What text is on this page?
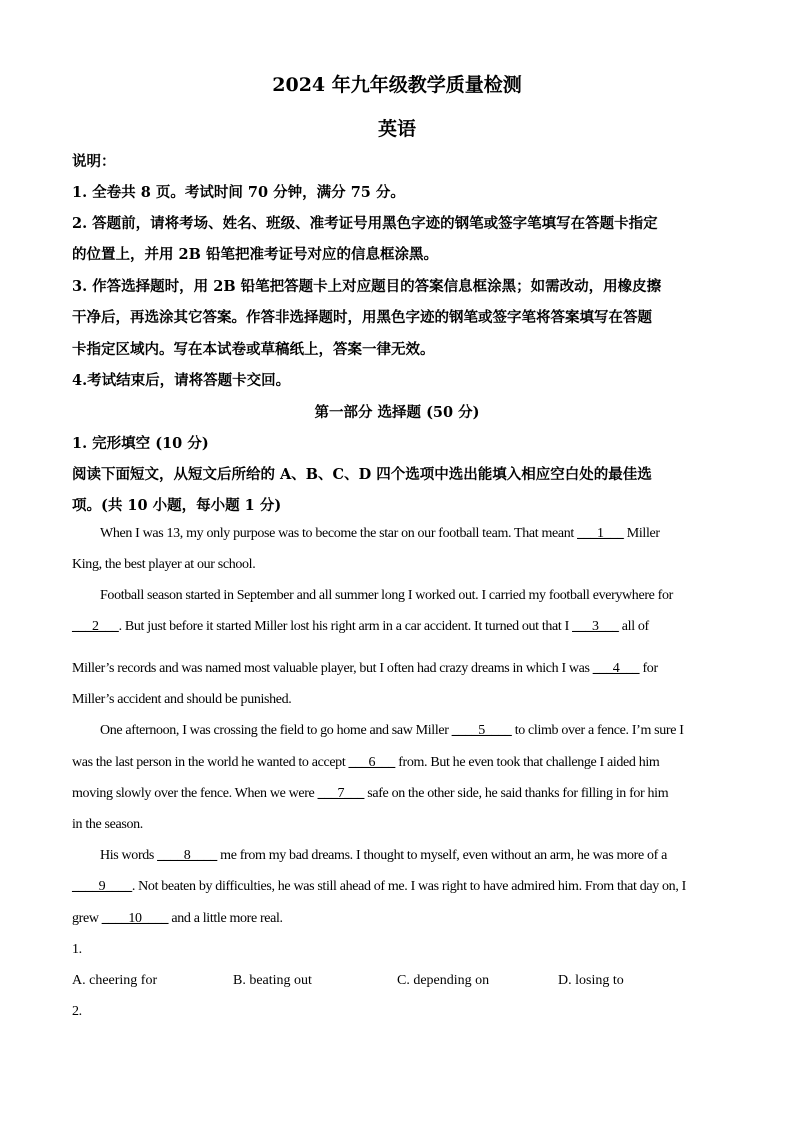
2024 年九年级教学质量检测
英语
说明：
1. 全卷共 8 页。考试时间 70 分钟，满分 75 分。
2. 答题前，请将考场、姓名、班级、准考证号用黑色字迹的钢笔或签字笔填写在答题卡指定
的位置上，并用 2B 铅笔把准考证号对应的信息框涂黑。
3. 作答选择题时，用 2B 铅笔把答题卡上对应题目的答案信息框涂黑；如需改动，用橡皮擦
干净后，再选涂其它答案。作答非选择题时，用黑色字迹的钢笔或签字笔将答案填写在答题
卡指定区域内。写在本试卷或草稿纸上，答案一律无效。
4.考试结束后，请将答题卡交回。
第一部分 选择题 (50 分)
1. 完形填空 (10 分)
阅读下面短文，从短文后所给的 A、B、C、D 四个选项中选出能填入相应空白处的最佳选
项。(共 10 小题，每小题 1 分)
When I was 13, my only purpose was to become the star on our football team. That meant ___1___ Miller
King, the best player at our school.
Football season started in September and all summer long I worked out. I carried my football everywhere for
___2___. But just before it started Miller lost his right arm in a car accident. It turned out that I ___3___ all of
Miller’s records and was named most valuable player, but I often had crazy dreams in which I was ___4___ for
Miller’s accident and should be punished.
One afternoon, I was crossing the field to go home and saw Miller ____5____ to climb over a fence. I’m sure I
was the last person in the world he wanted to accept ___6___ from. But he even took that challenge I aided him
moving slowly over the fence. When we were ___7___ safe on the other side, he said thanks for filling in for him
in the season.
His words ____8____ me from my bad dreams. I thought to myself, even without an arm, he was more of a
____9____. Not beaten by difficulties, he was still ahead of me. I was right to have admired him. From that day on, I
grew ____10____ and a little more real.
1.
A. cheering for	B. beating out	C. depending on	D. losing to
2.
